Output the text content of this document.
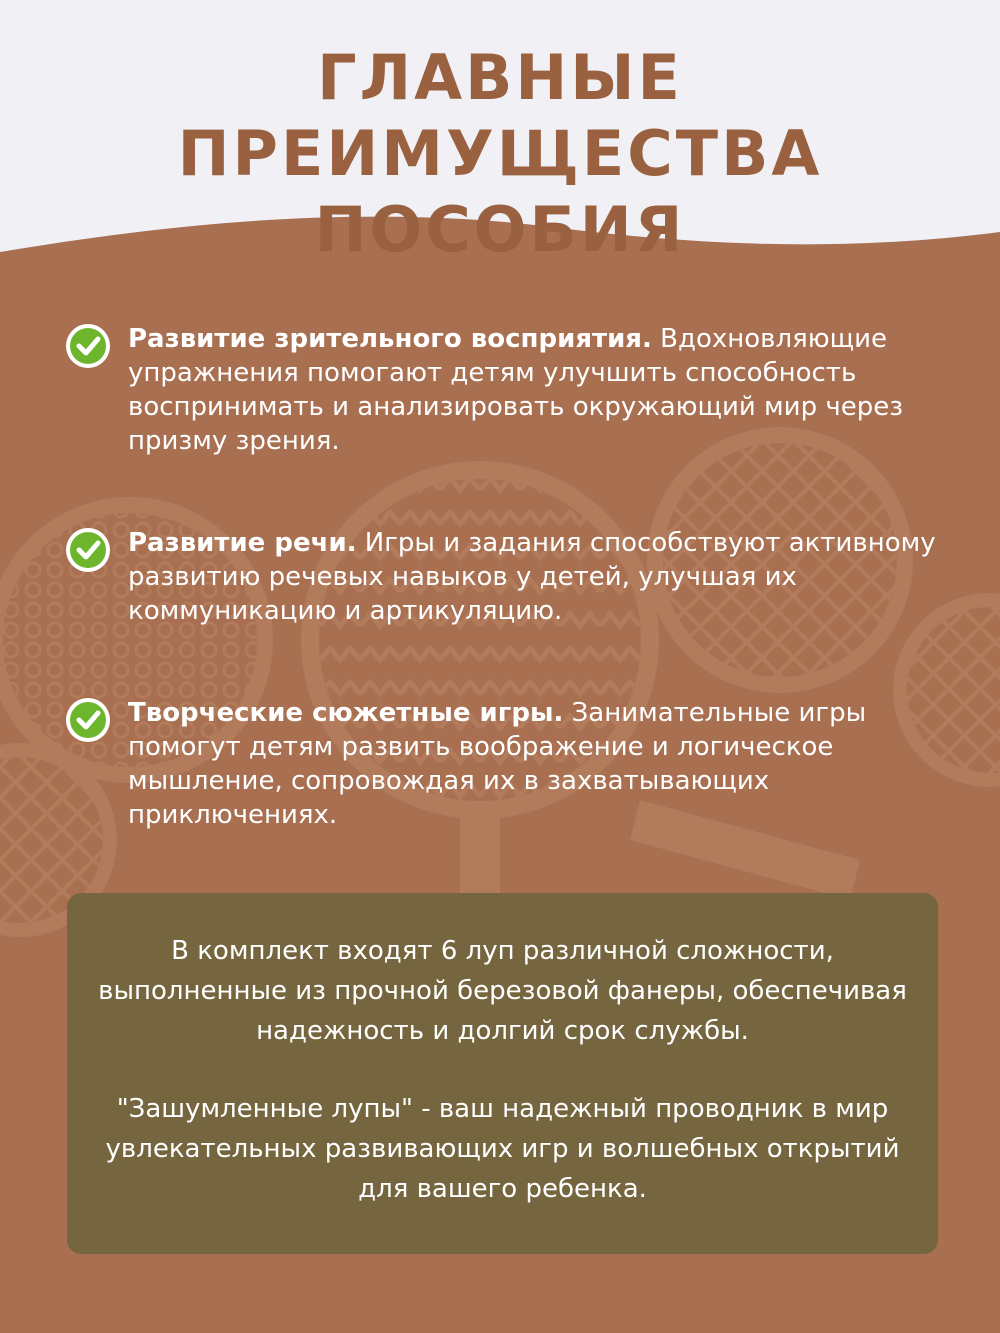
ГЛАВНЫЕ ПРЕИМУЩЕСТВА
ПОСОБИЯ

Развитие зрительного восприятия. Вдохновляющие упражнения помогают детям улучшить способность воспринимать и анализировать окружающий мир через призму зрения.

Развитие речи. Игры и задания способствуют активному развитию речевых навыков у детей, улучшая их коммуникацию и артикуляцию.

Творческие сюжетные игры. Занимательные игры помогут детям развить воображение и логическое мышление, сопровождая их в захватывающих приключениях.

В комплект входят 6 луп различной сложности, выполненные из прочной березовой фанеры, обеспечивая надежность и долгий срок службы.

"Зашумленные лупы" - ваш надежный проводник в мир увлекательных развивающих игр и волшебных открытий для вашего ребенка.
